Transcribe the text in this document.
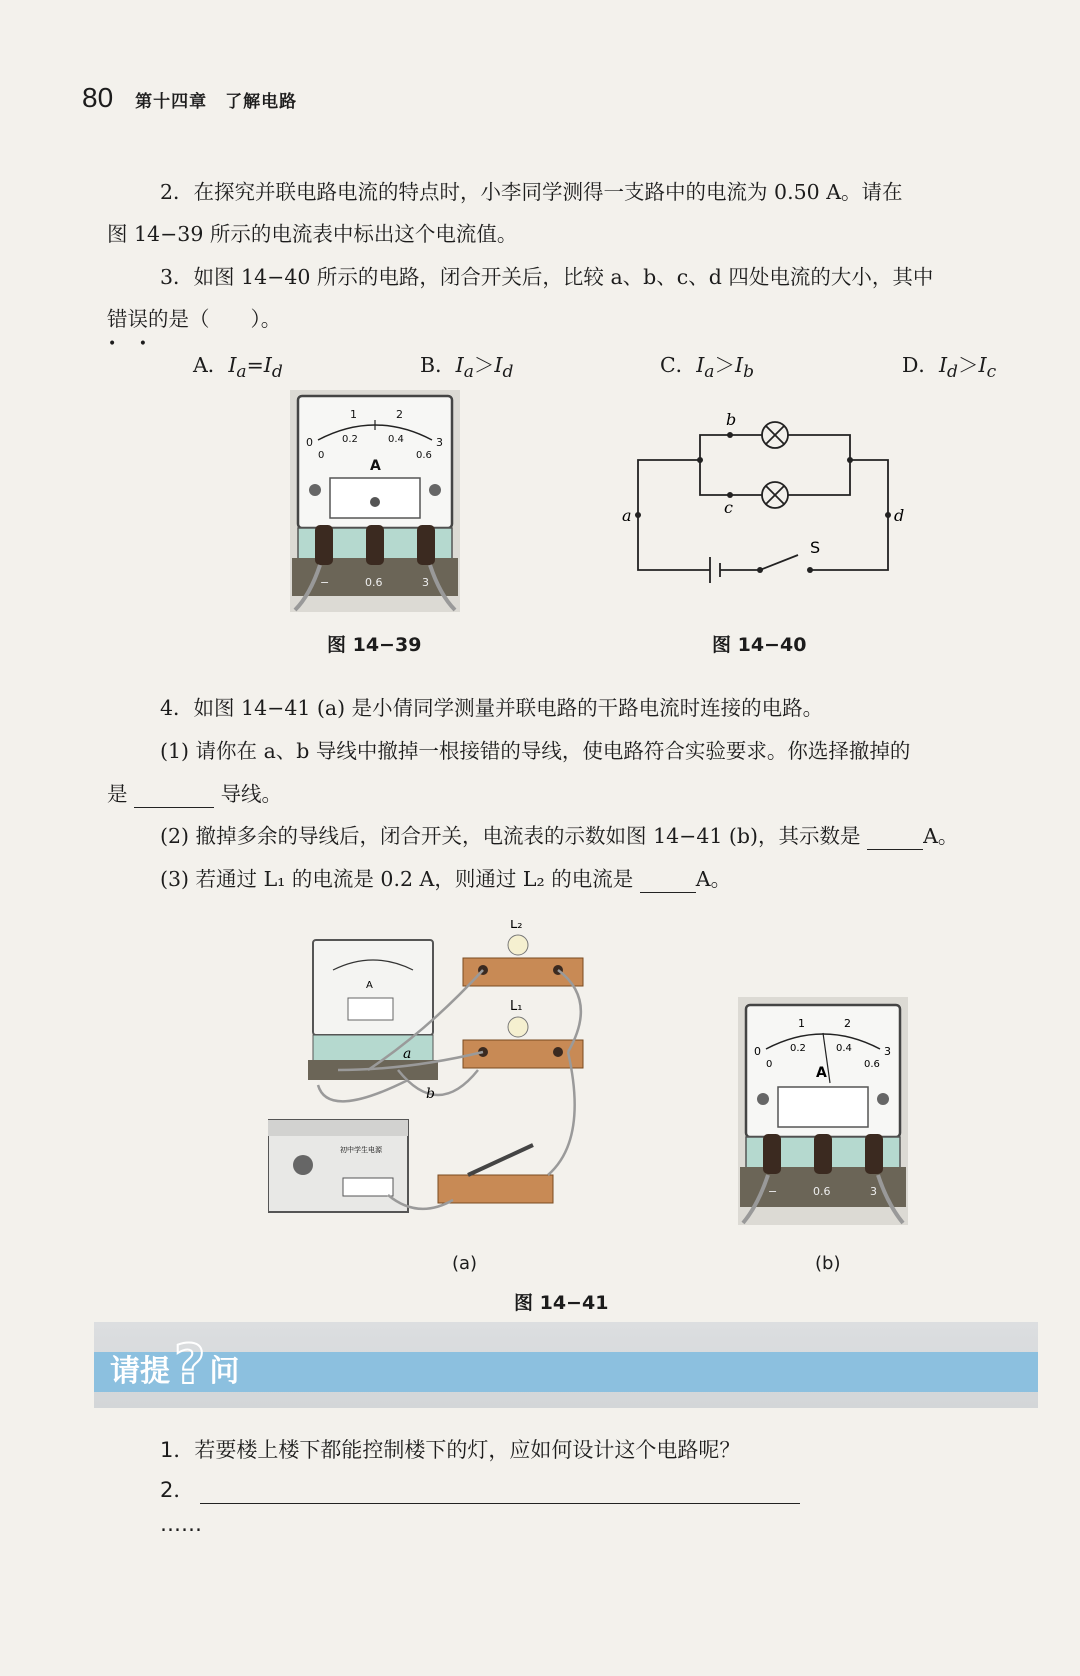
80 第十四章　了解电路
2．在探究并联电路电流的特点时，小李同学测得一支路中的电流为 0.50 A。请在
图 14−39 所示的电流表中标出这个电流值。
3．如图 14−40 所示的电路，闭合开关后，比较 a、b、c、d 四处电流的大小，其中
错误的是（　　）。
• •
A．$I_a=I_d$	B．$I_a>I_d$	C．$I_a>I_b$	D．$I_d>I_c$
0
1	2
3
0
0.2	0.4
0.6
A
−	0.6	3
图 14−39
b
c
a	d
S
图 14−40
4．如图 14−41 (a) 是小倩同学测量并联电路的干路电流时连接的电路。
(1) 请你在 a、b 导线中撤掉一根接错的导线，使电路符合实验要求。你选择撤掉的
是	导线。
(2) 撤掉多余的导线后，闭合开关，电流表的示数如图 14−41 (b)，其示数是	A。
(3) 若通过 L₁ 的电流是 0.2 A，则通过 L₂ 的电流是	A。
A
L₂
L₁
初中学生电源
a
b
(a)
0
1	2
3
0
0.2	0.4
0.6
A
−	0.6	3
(b)
图 14−41
请提 ? 问
1．若要楼上楼下都能控制楼下的灯，应如何设计这个电路呢？
2．
……
